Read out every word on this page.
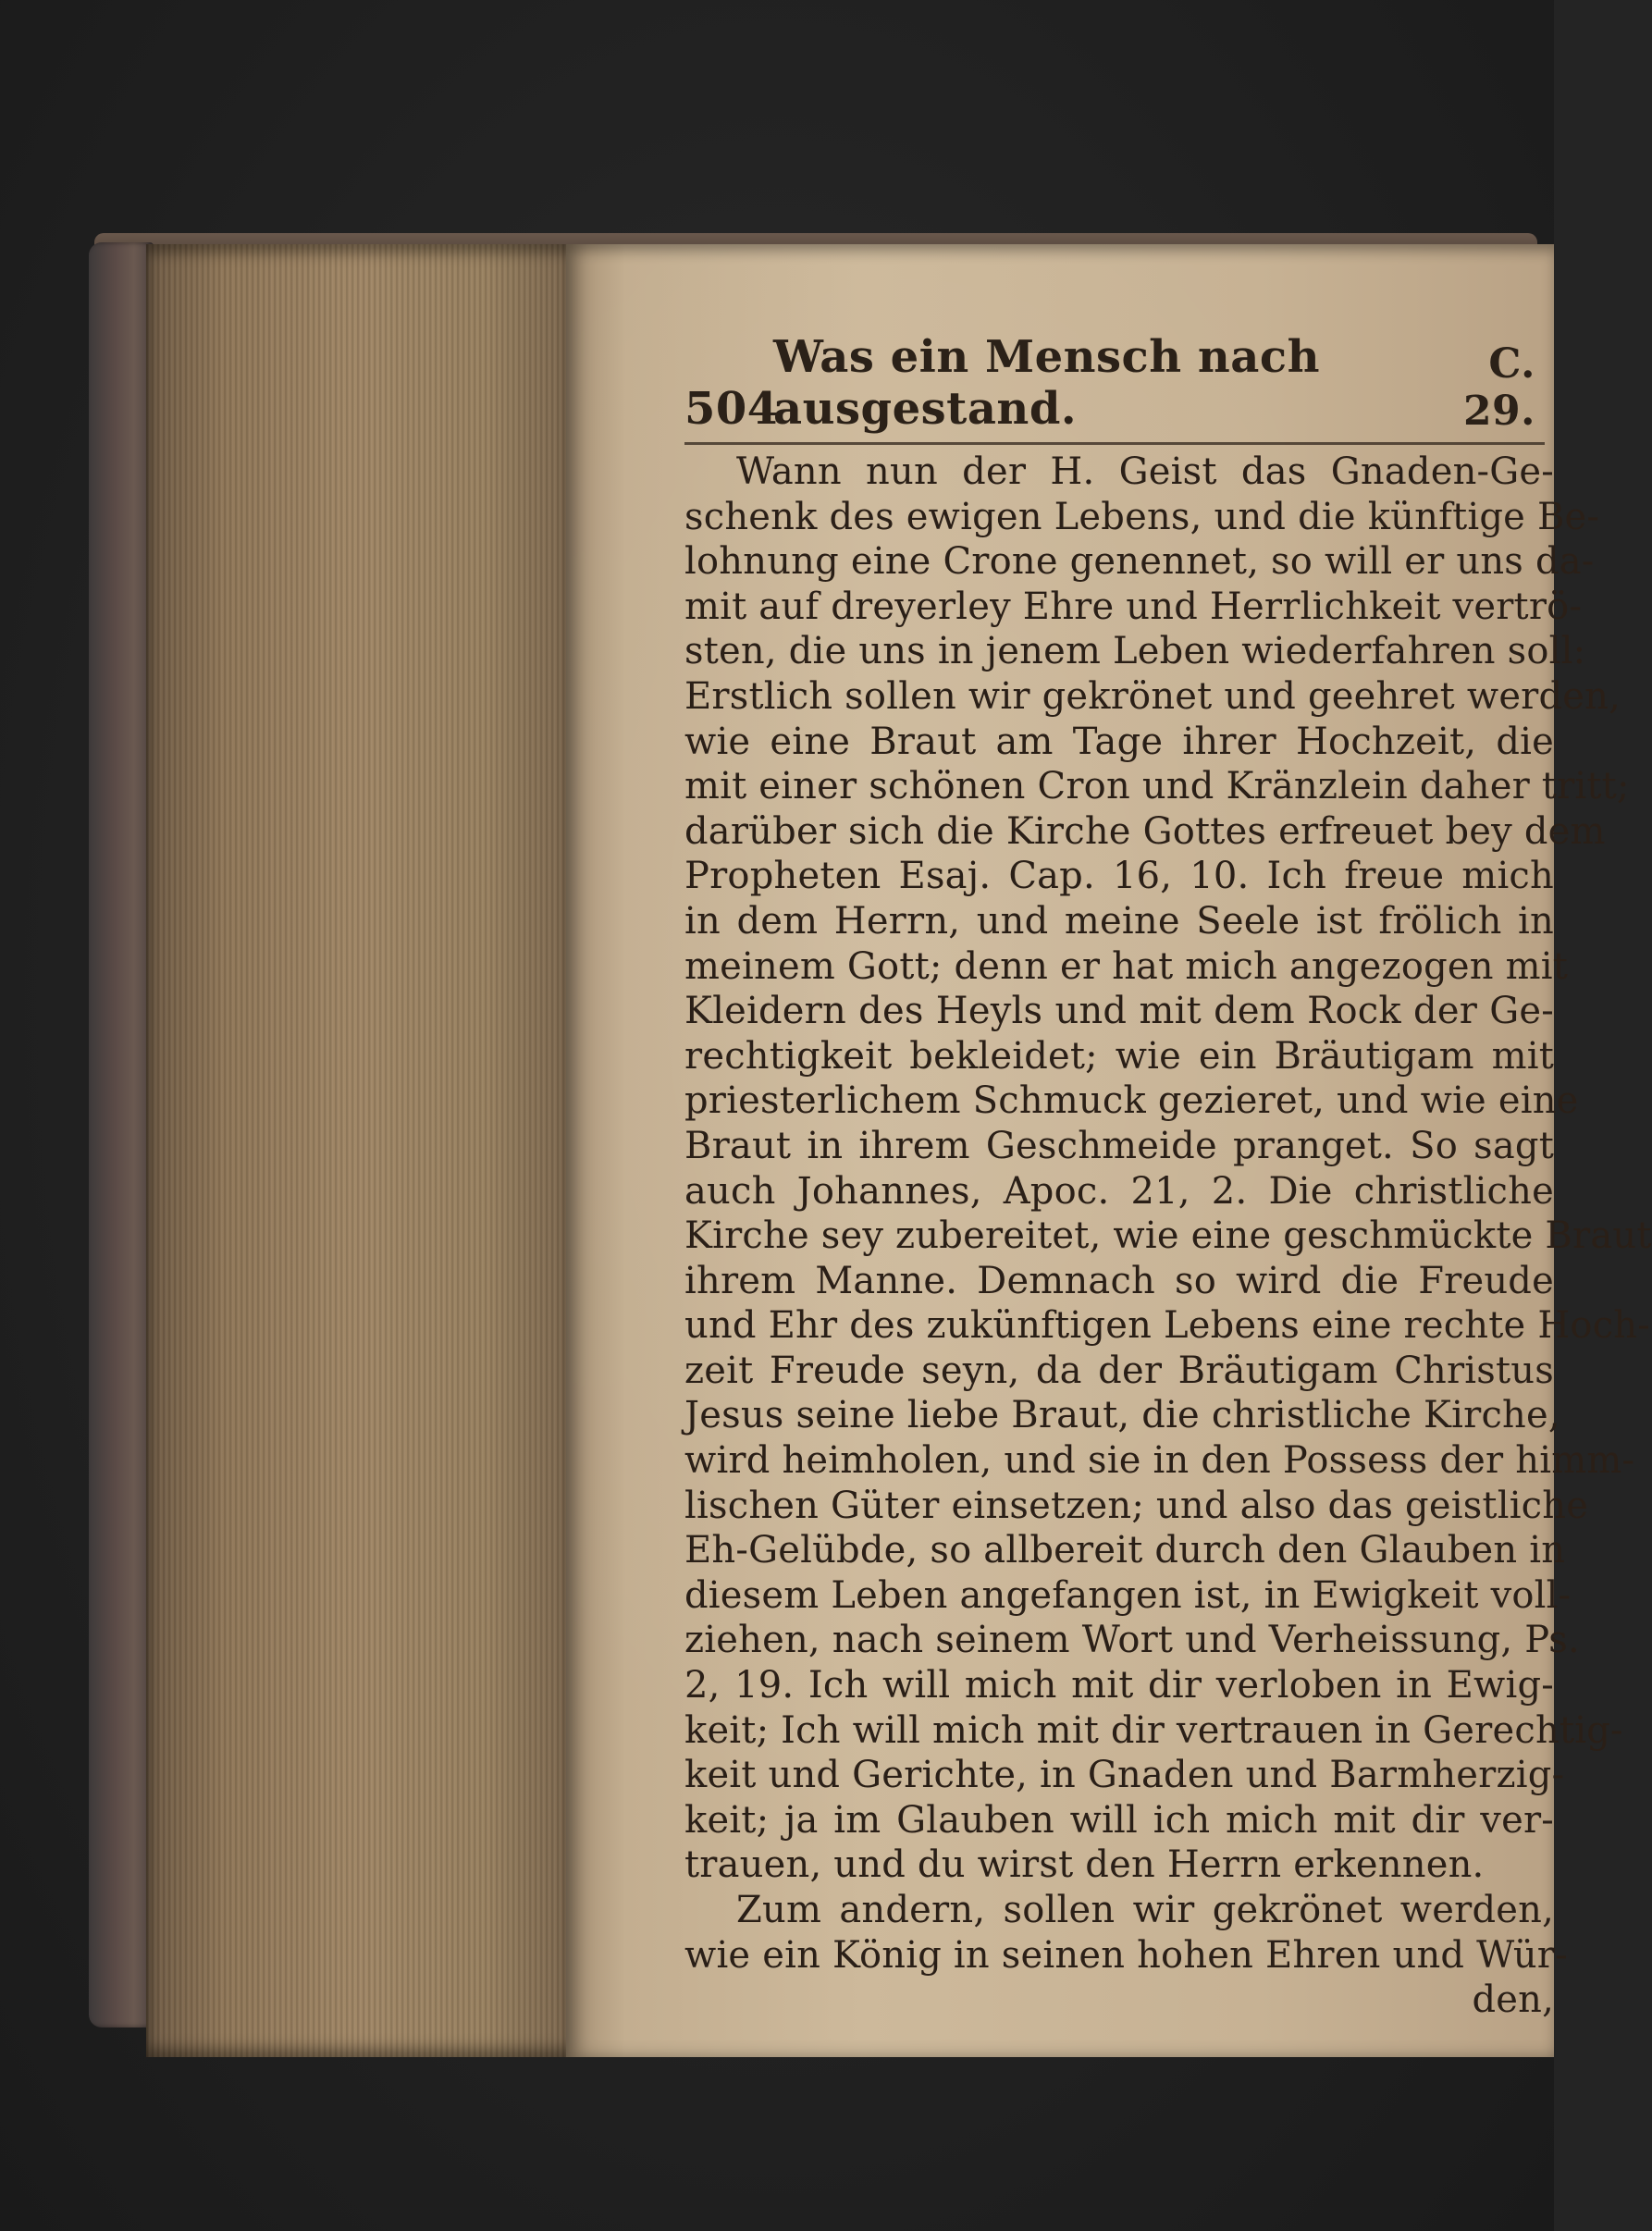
504
Was ein Mensch nach ausgestand.
C. 29.
Wann nun der H. Geist das Gnaden-Ge-
schenk des ewigen Lebens, und die künftige Be-
lohnung eine Crone genennet, so will er uns da-
mit auf dreyerley Ehre und Herrlichkeit vertrö-
sten, die uns in jenem Leben wiederfahren soll:
Erstlich sollen wir gekrönet und geehret werden,
wie eine Braut am Tage ihrer Hochzeit, die
mit einer schönen Cron und Kränzlein daher tritt;
darüber sich die Kirche Gottes erfreuet bey dem
Propheten Esaj. Cap. 16, 10. Ich freue mich
in dem Herrn, und meine Seele ist frölich in
meinem Gott; denn er hat mich angezogen mit
Kleidern des Heyls und mit dem Rock der Ge-
rechtigkeit bekleidet; wie ein Bräutigam mit
priesterlichem Schmuck gezieret, und wie eine
Braut in ihrem Geschmeide pranget. So sagt
auch Johannes, Apoc. 21, 2. Die christliche
Kirche sey zubereitet, wie eine geschmückte Braut
ihrem Manne. Demnach so wird die Freude
und Ehr des zukünftigen Lebens eine rechte Hoch-
zeit Freude seyn, da der Bräutigam Christus
Jesus seine liebe Braut, die christliche Kirche,
wird heimholen, und sie in den Possess der himm-
lischen Güter einsetzen; und also das geistliche
Eh-Gelübde, so allbereit durch den Glauben in
diesem Leben angefangen ist, in Ewigkeit voll-
ziehen, nach seinem Wort und Verheissung, Ps.
2, 19. Ich will mich mit dir verloben in Ewig-
keit; Ich will mich mit dir vertrauen in Gerechtig-
keit und Gerichte, in Gnaden und Barmherzig-
keit; ja im Glauben will ich mich mit dir ver-
trauen, und du wirst den Herrn erkennen.
Zum andern, sollen wir gekrönet werden,
wie ein König in seinen hohen Ehren und Wür-
den,
